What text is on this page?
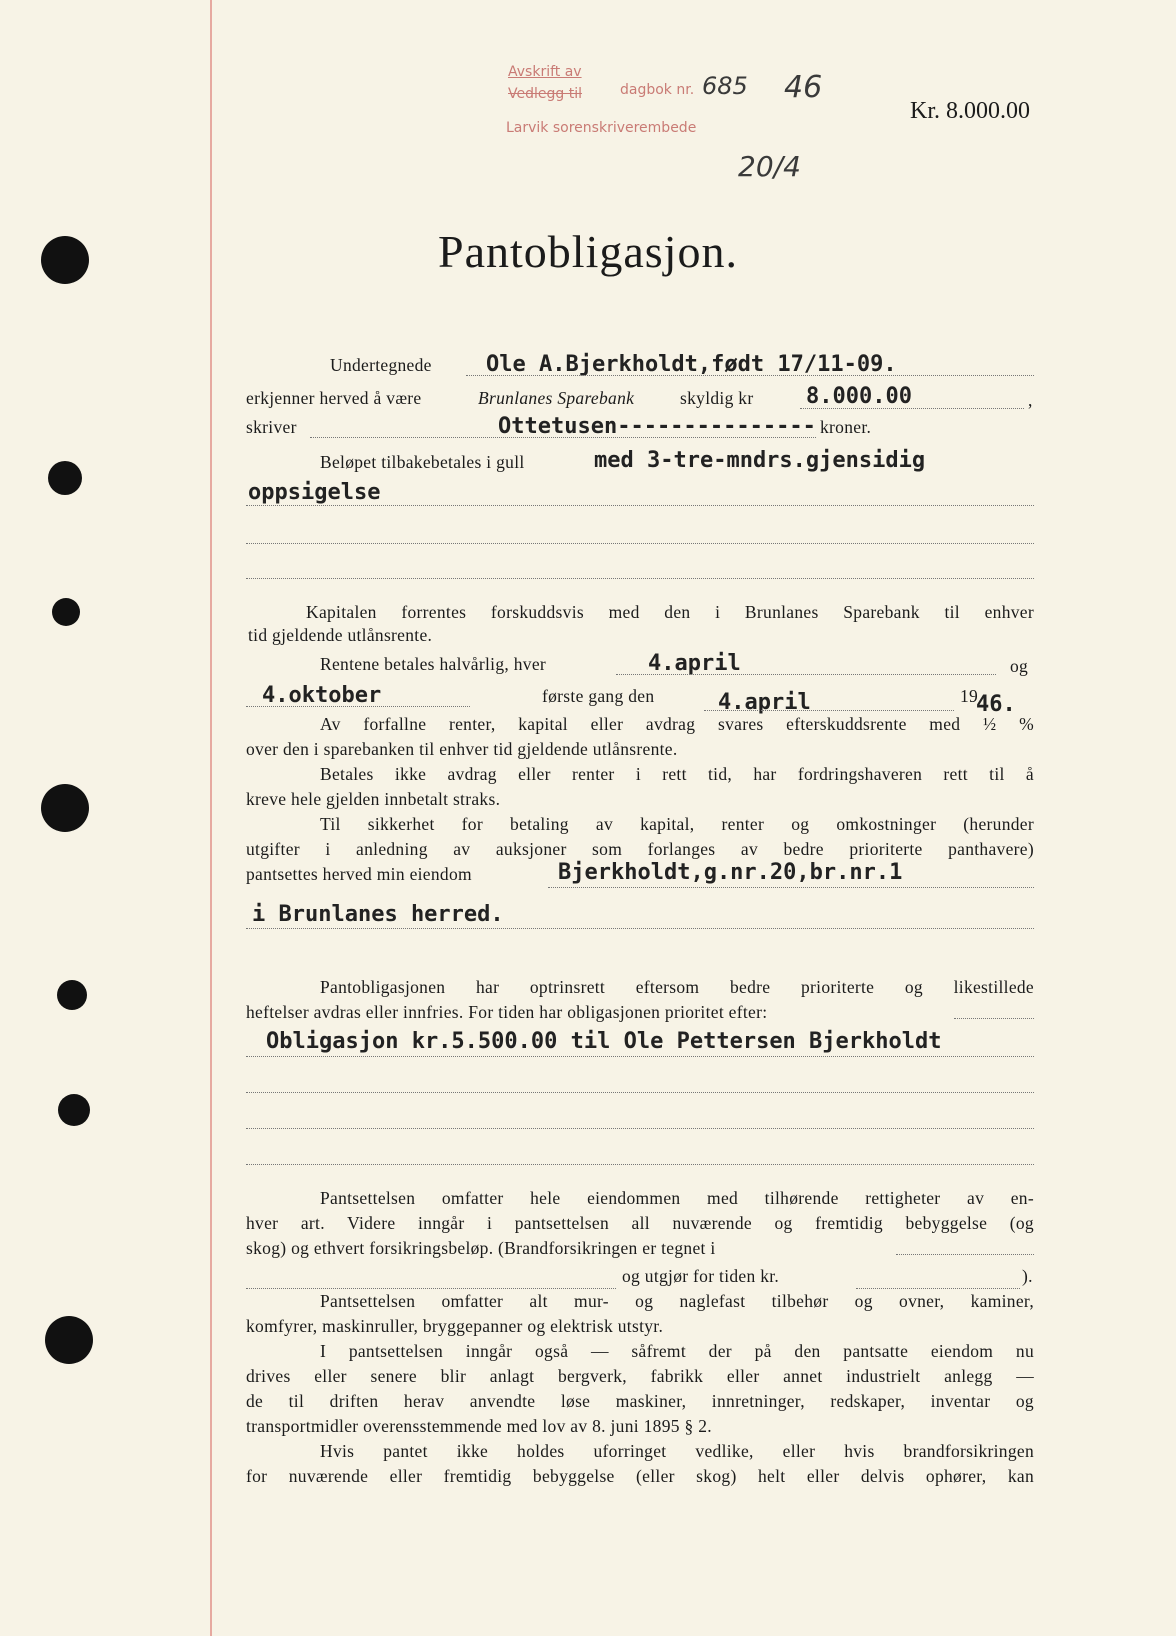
Avskrift av
Vedlegg til	dagbok nr.
Larvik sorenskriverembede
685 46
20/4
Kr. 8.000.00
Pantobligasjon.
Undertegnede Ole A.Bjerkholdt,født 17/11-09.
erkjenner herved å være	Brunlanes Sparebank	skyldig kr 8.000.00	,
skriver	Ottetusen--------------- kroner.
Beløpet tilbakebetales i gull	med 3-tre-mndrs.gjensidig
oppsigelse
Kapitalen forrentes forskuddsvis med den i Brunlanes Sparebank til enhver
tid gjeldende utlånsrente.
Rentene betales halvårlig, hver	4.april	og
4.oktober	første gang den	4.april	19
46.
Av forfallne renter, kapital eller avdrag svares efterskuddsrente med ½ %
over den i sparebanken til enhver tid gjeldende utlånsrente.
Betales ikke avdrag eller renter i rett tid, har fordringshaveren rett til å
kreve hele gjelden innbetalt straks.
Til sikkerhet for betaling av kapital, renter og omkostninger (herunder
utgifter i anledning av auksjoner som forlanges av bedre prioriterte panthavere)
pantsettes herved min eiendom	Bjerkholdt,g.nr.20,br.nr.1
i Brunlanes herred.
Pantobligasjonen har optrinsrett eftersom bedre prioriterte og likestillede
heftelser avdras eller innfries. For tiden har obligasjonen prioritet efter:
Obligasjon kr.5.500.00 til Ole Pettersen Bjerkholdt
Pantsettelsen omfatter hele eiendommen med tilhørende rettigheter av en-
hver art. Videre inngår i pantsettelsen all nuværende og fremtidig bebyggelse (og
skog) og ethvert forsikringsbeløp. (Brandforsikringen er tegnet i
og utgjør for tiden kr.	).
Pantsettelsen omfatter alt mur- og naglefast tilbehør og ovner, kaminer,
komfyrer, maskinruller, bryggepanner og elektrisk utstyr.
I pantsettelsen inngår også — såfremt der på den pantsatte eiendom nu
drives eller senere blir anlagt bergverk, fabrikk eller annet industrielt anlegg —
de til driften herav anvendte løse maskiner, innretninger, redskaper, inventar og
transportmidler overensstemmende med lov av 8. juni 1895 § 2.
Hvis pantet ikke holdes uforringet vedlike, eller hvis brandforsikringen
for nuværende eller fremtidig bebyggelse (eller skog) helt eller delvis ophører, kan
